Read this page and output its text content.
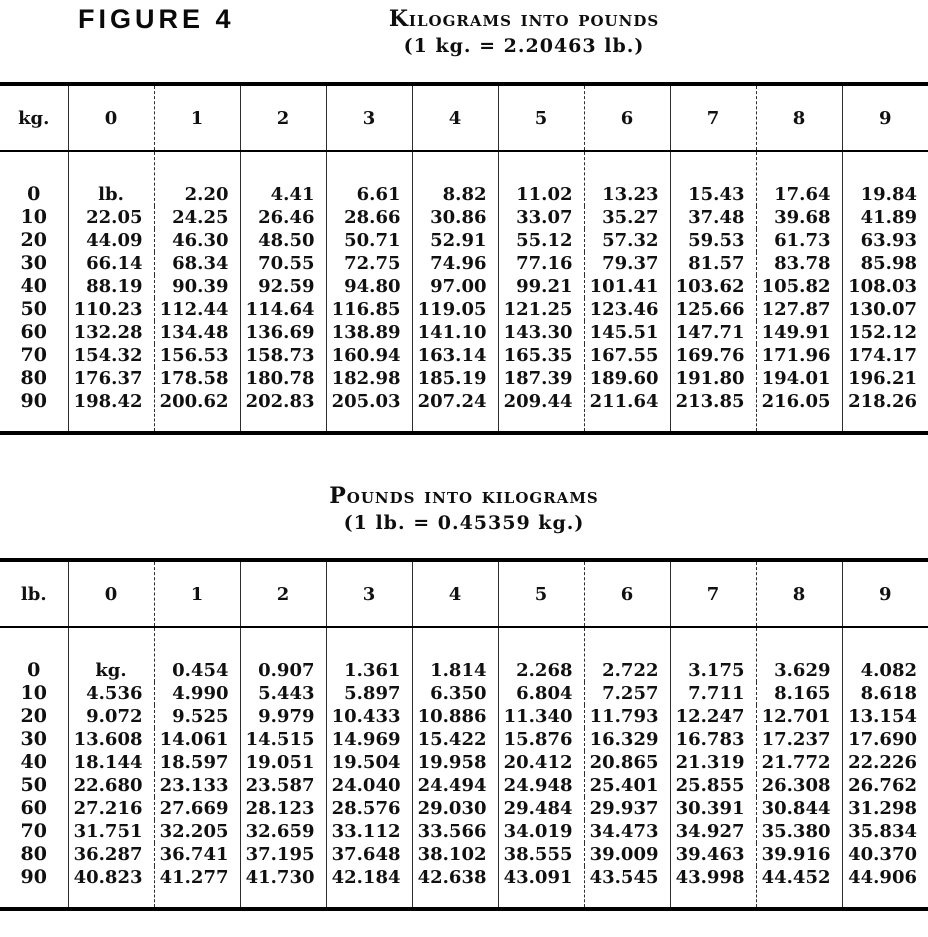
FIGURE 4	Kilograms into pounds
(1 kg. = 2.20463 lb.)
kg.	0	1	2	3	4	5	6	7	8	9
0	lb.	2.20	4.41	6.61	8.82	11.02	13.23	15.43	17.64	19.84
10	22.05	24.25	26.46	28.66	30.86	33.07	35.27	37.48	39.68	41.89
20	44.09	46.30	48.50	50.71	52.91	55.12	57.32	59.53	61.73	63.93
30	66.14	68.34	70.55	72.75	74.96	77.16	79.37	81.57	83.78	85.98
40	88.19	90.39	92.59	94.80	97.00	99.21	101.41	103.62	105.82	108.03
50	110.23	112.44	114.64	116.85	119.05	121.25	123.46	125.66	127.87	130.07
60	132.28	134.48	136.69	138.89	141.10	143.30	145.51	147.71	149.91	152.12
70	154.32	156.53	158.73	160.94	163.14	165.35	167.55	169.76	171.96	174.17
80	176.37	178.58	180.78	182.98	185.19	187.39	189.60	191.80	194.01	196.21
90	198.42	200.62	202.83	205.03	207.24	209.44	211.64	213.85	216.05	218.26
Pounds into kilograms
(1 lb. = 0.45359 kg.)
lb.	0	1	2	3	4	5	6	7	8	9
0	kg.	0.454	0.907	1.361	1.814	2.268	2.722	3.175	3.629	4.082
10	4.536	4.990	5.443	5.897	6.350	6.804	7.257	7.711	8.165	8.618
20	9.072	9.525	9.979	10.433	10.886	11.340	11.793	12.247	12.701	13.154
30	13.608	14.061	14.515	14.969	15.422	15.876	16.329	16.783	17.237	17.690
40	18.144	18.597	19.051	19.504	19.958	20.412	20.865	21.319	21.772	22.226
50	22.680	23.133	23.587	24.040	24.494	24.948	25.401	25.855	26.308	26.762
60	27.216	27.669	28.123	28.576	29.030	29.484	29.937	30.391	30.844	31.298
70	31.751	32.205	32.659	33.112	33.566	34.019	34.473	34.927	35.380	35.834
80	36.287	36.741	37.195	37.648	38.102	38.555	39.009	39.463	39.916	40.370
90	40.823	41.277	41.730	42.184	42.638	43.091	43.545	43.998	44.452	44.906
